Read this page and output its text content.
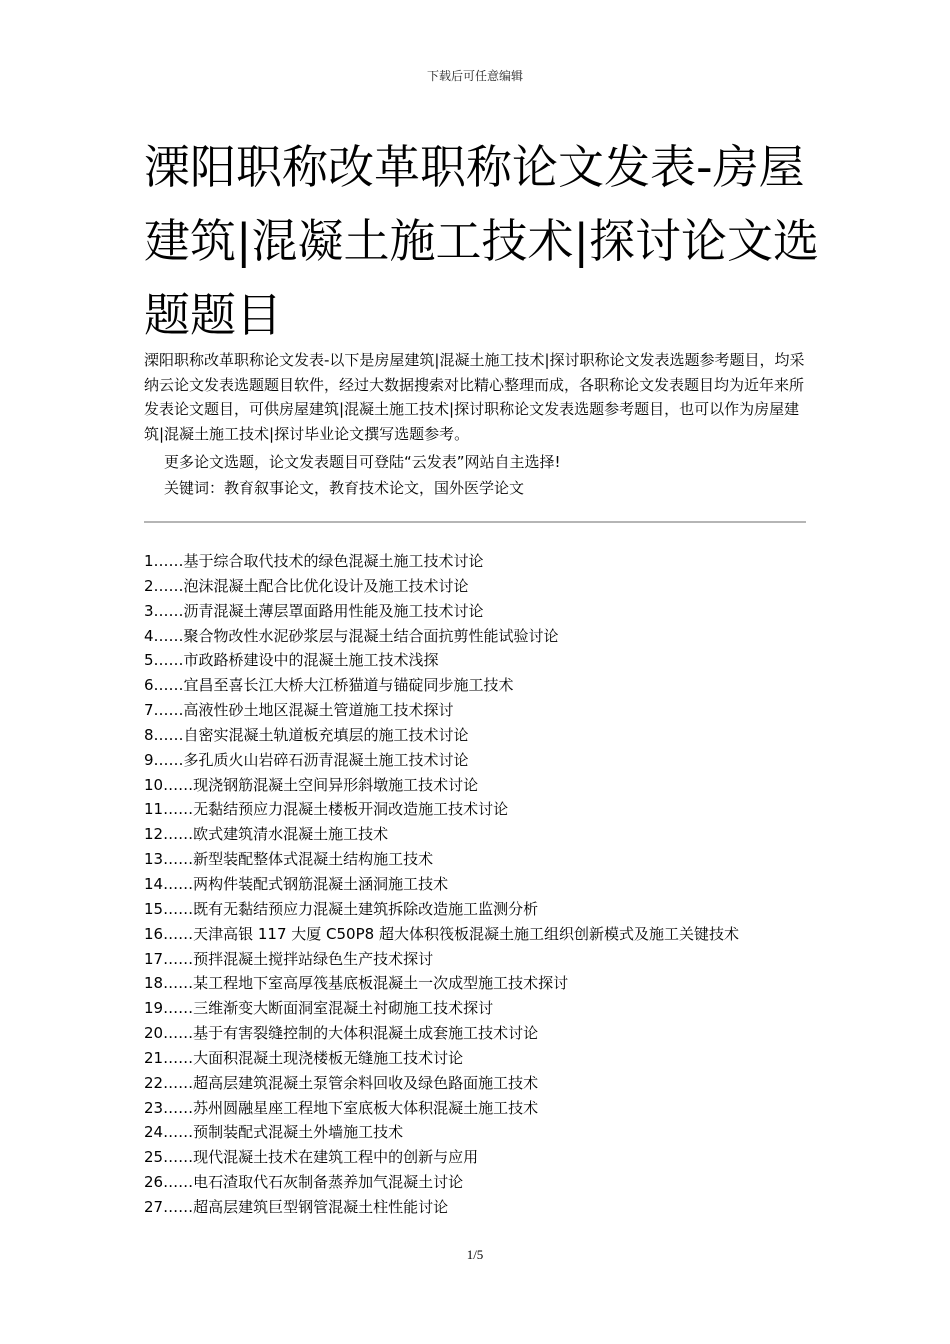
下载后可任意编辑
溧阳职称改革职称论文发表-房屋建筑|混凝土施工技术|探讨论文选题题目

溧阳职称改革职称论文发表-以下是房屋建筑|混凝土施工技术|探讨职称论文发表选题参考题目，均采纳云论文发表选题题目软件，经过大数据搜索对比精心整理而成，各职称论文发表题目均为近年来所发表论文题目，可供房屋建筑|混凝土施工技术|探讨职称论文发表选题参考题目，也可以作为房屋建筑|混凝土施工技术|探讨毕业论文撰写选题参考。

更多论文选题，论文发表题目可登陆“云发表”网站自主选择!

关键词：教育叙事论文，教育技术论文，国外医学论文

1……基于综合取代技术的绿色混凝土施工技术讨论
2……泡沫混凝土配合比优化设计及施工技术讨论
3……沥青混凝土薄层罩面路用性能及施工技术讨论
4……聚合物改性水泥砂浆层与混凝土结合面抗剪性能试验讨论
5……市政路桥建设中的混凝土施工技术浅探
6……宜昌至喜长江大桥大江桥猫道与锚碇同步施工技术
7……高液性砂土地区混凝土管道施工技术探讨
8……自密实混凝土轨道板充填层的施工技术讨论
9……多孔质火山岩碎石沥青混凝土施工技术讨论
10……现浇钢筋混凝土空间异形斜墩施工技术讨论
11……无黏结预应力混凝土楼板开洞改造施工技术讨论
12……欧式建筑清水混凝土施工技术
13……新型装配整体式混凝土结构施工技术
14……两构件装配式钢筋混凝土涵洞施工技术
15……既有无黏结预应力混凝土建筑拆除改造施工监测分析
16……天津高银 117 大厦 C50P8 超大体积筏板混凝土施工组织创新模式及施工关键技术
17……预拌混凝土搅拌站绿色生产技术探讨
18……某工程地下室高厚筏基底板混凝土一次成型施工技术探讨
19……三维渐变大断面洞室混凝土衬砌施工技术探讨
20……基于有害裂缝控制的大体积混凝土成套施工技术讨论
21……大面积混凝土现浇楼板无缝施工技术讨论
22……超高层建筑混凝土泵管余料回收及绿色路面施工技术
23……苏州圆融星座工程地下室底板大体积混凝土施工技术
24……预制装配式混凝土外墙施工技术
25……现代混凝土技术在建筑工程中的创新与应用
26……电石渣取代石灰制备蒸养加气混凝土讨论
27……超高层建筑巨型钢管混凝土柱性能讨论
1/5
